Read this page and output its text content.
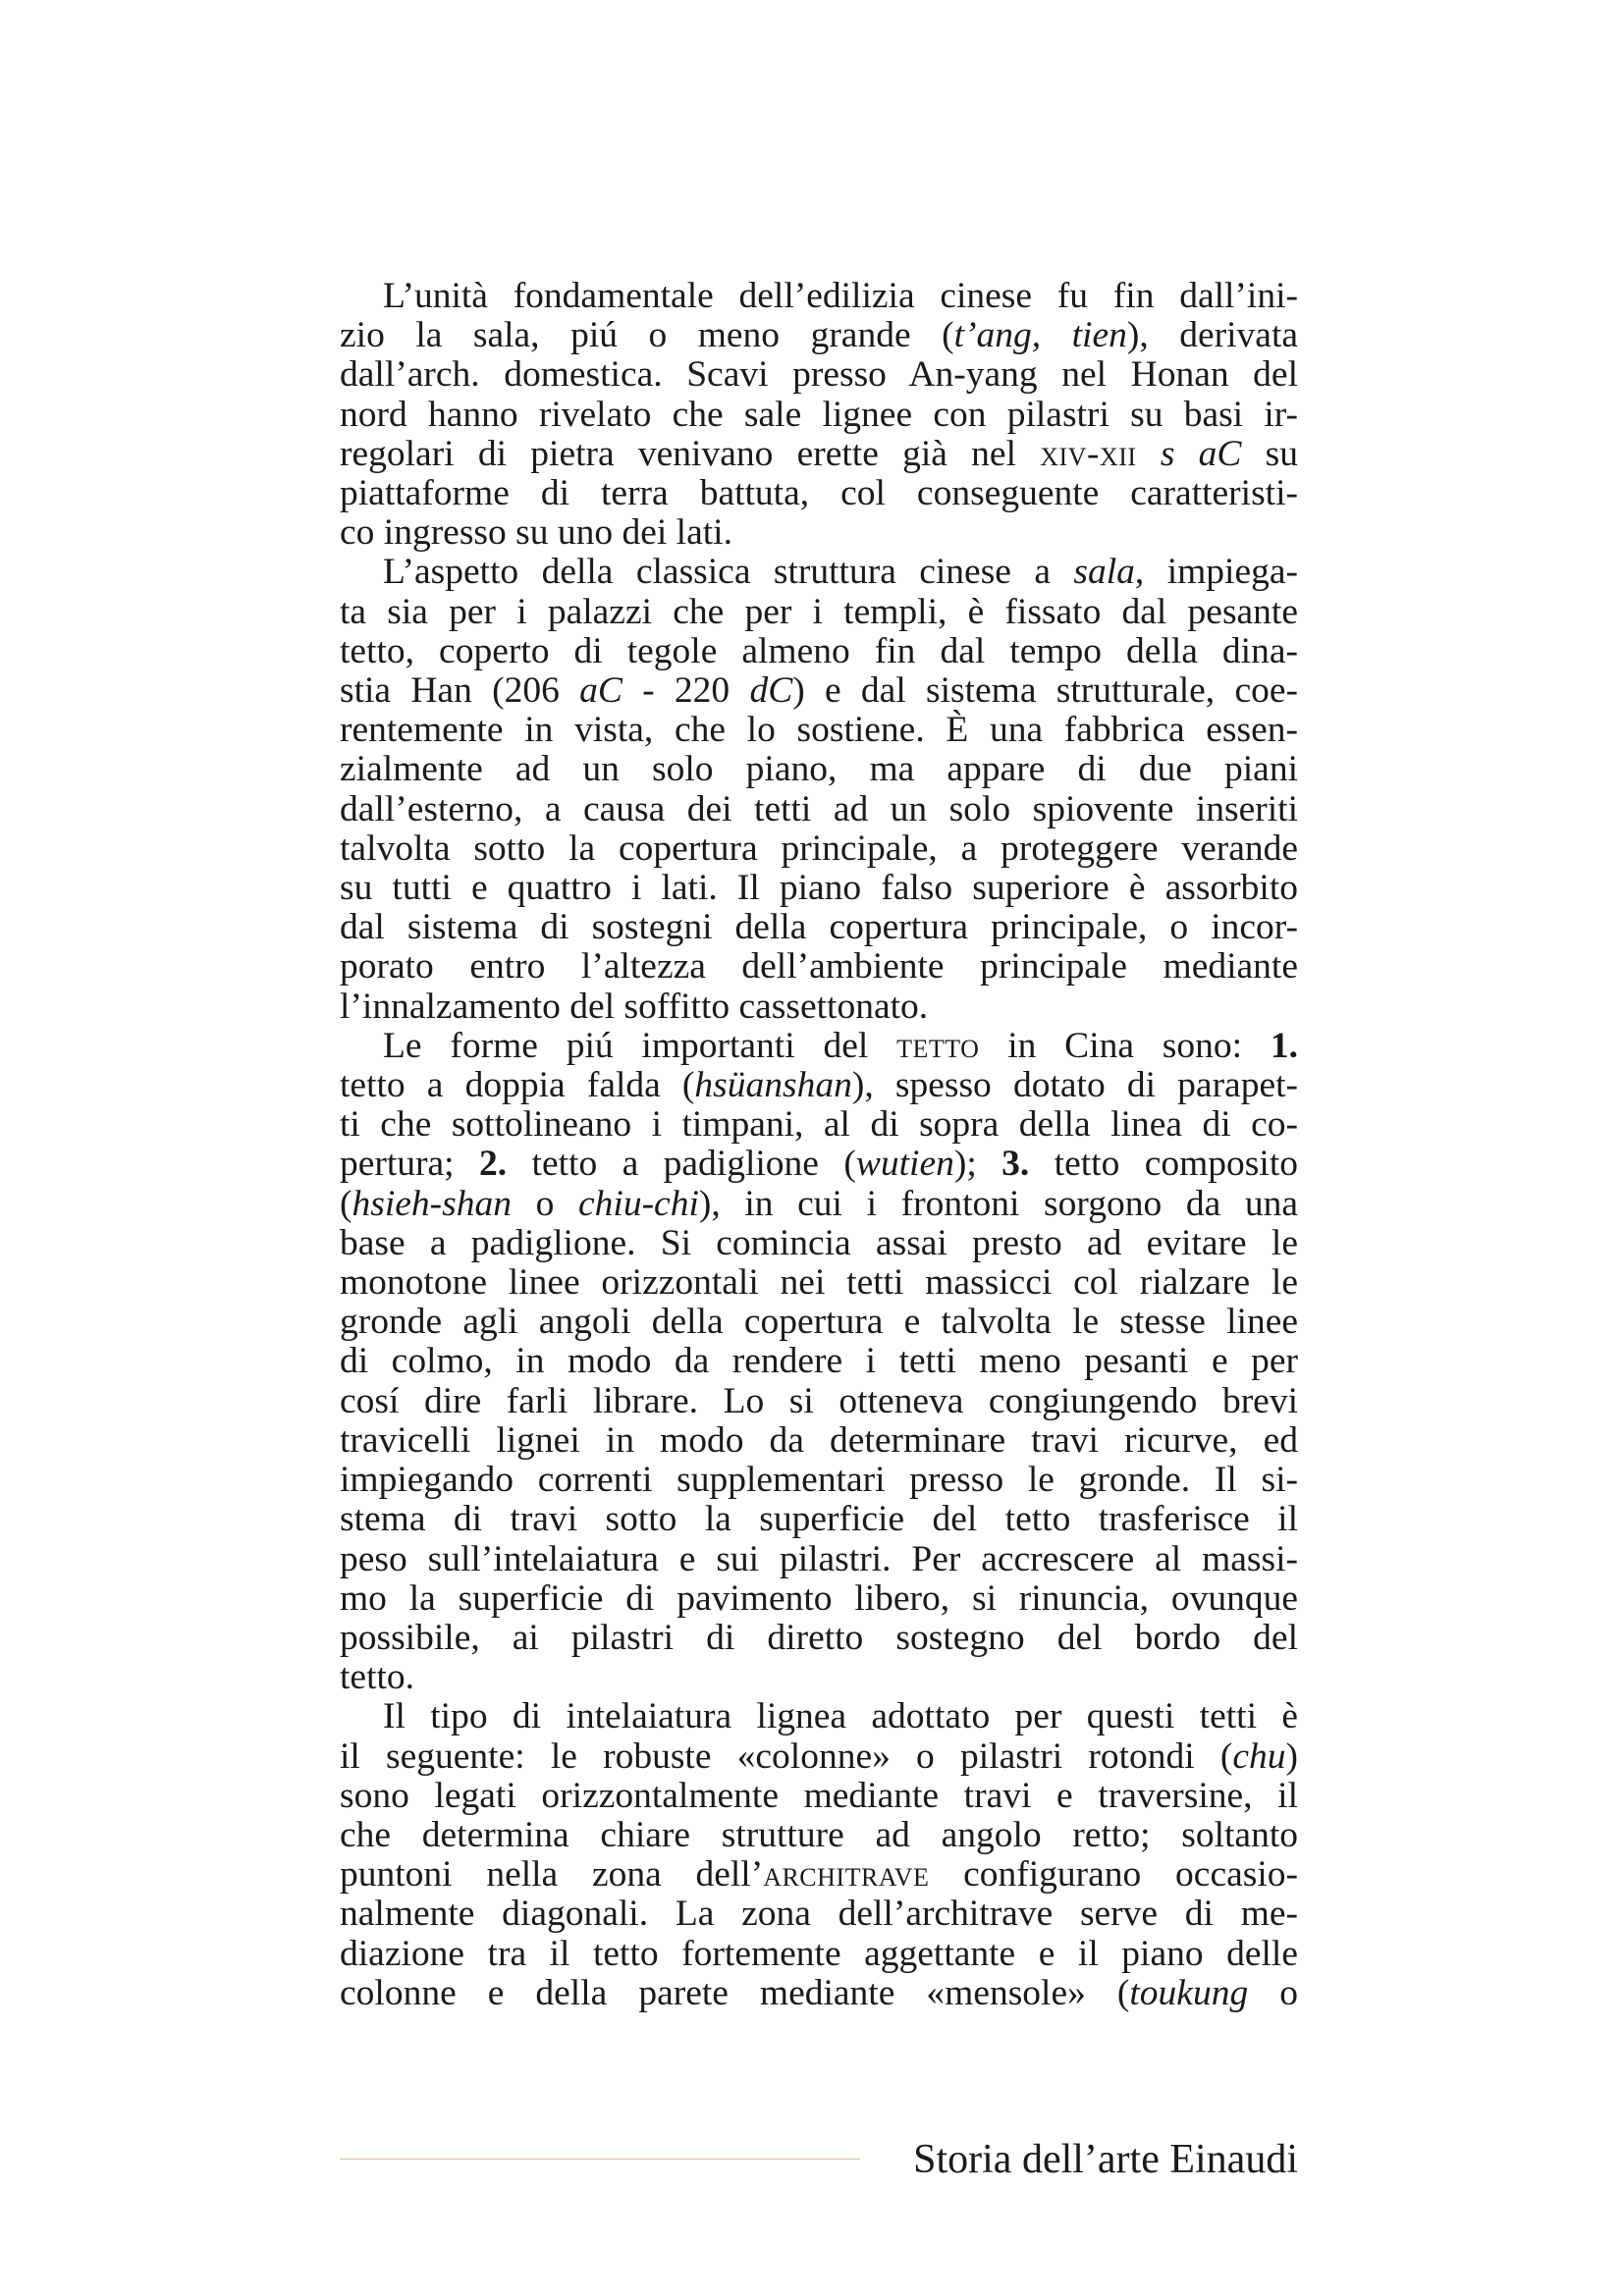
L’unità fondamentale dell’edilizia cinese fu fin dall’ini-
zio la sala, piú o meno grande (t’ang, tien), derivata
dall’arch. domestica. Scavi presso An-yang nel Honan del
nord hanno rivelato che sale lignee con pilastri su basi ir-
regolari di pietra venivano erette già nel xiv-xii s aC su
piattaforme di terra battuta, col conseguente caratteristi-
co ingresso su uno dei lati.
L’aspetto della classica struttura cinese a sala, impiega-
ta sia per i palazzi che per i templi, è fissato dal pesante
tetto, coperto di tegole almeno fin dal tempo della dina-
stia Han (206 aC - 220 dC) e dal sistema strutturale, coe-
rentemente in vista, che lo sostiene. È una fabbrica essen-
zialmente ad un solo piano, ma appare di due piani
dall’esterno, a causa dei tetti ad un solo spiovente inseriti
talvolta sotto la copertura principale, a proteggere verande
su tutti e quattro i lati. Il piano falso superiore è assorbito
dal sistema di sostegni della copertura principale, o incor-
porato entro l’altezza dell’ambiente principale mediante
l’innalzamento del soffitto cassettonato.
Le forme piú importanti del tetto in Cina sono: 1.
tetto a doppia falda (hsüanshan), spesso dotato di parapet-
ti che sottolineano i timpani, al di sopra della linea di co-
pertura; 2. tetto a padiglione (wutien); 3. tetto composito
(hsieh-shan o chiu-chi), in cui i frontoni sorgono da una
base a padiglione. Si comincia assai presto ad evitare le
monotone linee orizzontali nei tetti massicci col rialzare le
gronde agli angoli della copertura e talvolta le stesse linee
di colmo, in modo da rendere i tetti meno pesanti e per
cosí dire farli librare. Lo si otteneva congiungendo brevi
travicelli lignei in modo da determinare travi ricurve, ed
impiegando correnti supplementari presso le gronde. Il si-
stema di travi sotto la superficie del tetto trasferisce il
peso sull’intelaiatura e sui pilastri. Per accrescere al massi-
mo la superficie di pavimento libero, si rinuncia, ovunque
possibile, ai pilastri di diretto sostegno del bordo del
tetto.
Il tipo di intelaiatura lignea adottato per questi tetti è
il seguente: le robuste «colonne» o pilastri rotondi (chu)
sono legati orizzontalmente mediante travi e traversine, il
che determina chiare strutture ad angolo retto; soltanto
puntoni nella zona dell’architrave configurano occasio-
nalmente diagonali. La zona dell’architrave serve di me-
diazione tra il tetto fortemente aggettante e il piano delle
colonne e della parete mediante «mensole» (toukung o
Storia dell’arte Einaudi
